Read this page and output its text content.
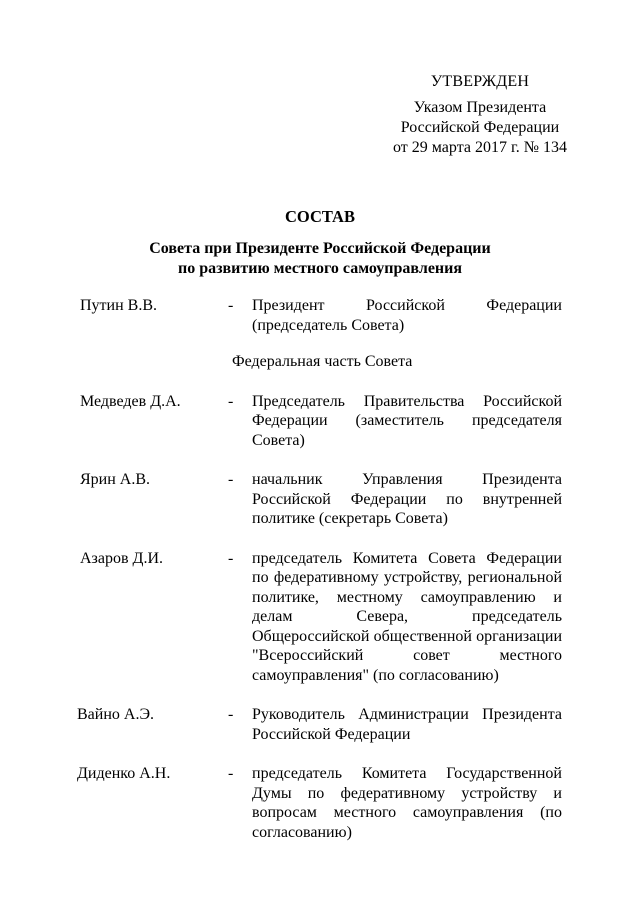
УТВЕРЖДЕН
Указом Президента
Российской Федерации
от 29 марта 2017 г. № 134
СОСТАВ
Совета при Президенте Российской Федерации
по развитию местного самоуправления
Путин В.В.	- Президент Российской Федерации (председатель Совета)
Федеральная часть Совета
Медведев Д.А.	- Председатель Правительства Российской Федерации (заместитель председателя Совета)
Ярин А.В.	- начальник Управления Президента Российской Федерации по внутренней политике (секретарь Совета)
Азаров Д.И.	- председатель Комитета Совета Федерации по федеративному устройству, региональной политике, местному самоуправлению и делам Севера, председатель Общероссийской общественной организации "Всероссийский совет местного самоуправления" (по согласованию)
Вайно А.Э.	- Руководитель Администрации Президента Российской Федерации
Диденко А.Н.	- председатель Комитета Государственной Думы по федеративному устройству и вопросам местного самоуправления (по согласованию)
